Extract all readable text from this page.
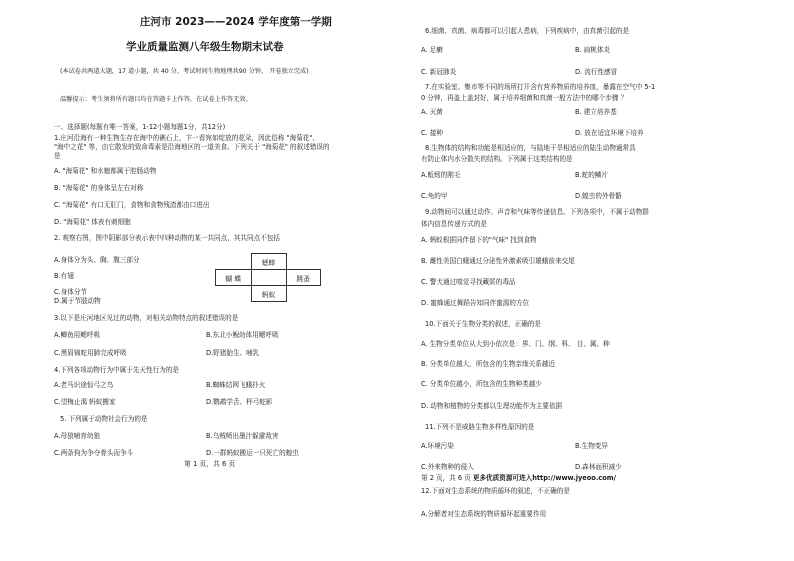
庄河市 2023——2024 学年度第一学期
学业质量监测八年级生物期末试卷
(本试卷共两道大题，17 道小题，共 40 分，考试时间生物地理共90 分钟， 开卷独立完成)
温馨提示：考生须将所有题目均在答题卡上作答，在试卷上作答无效。
一、选择题(每题有唯一答案，1-12小题每题1分，共12分)
1.庄河沿海有一种生物生存在海中的礁石上，卞一看宛如绽放的花朵，因此俗称 "海菊花"、
"海中之花" 等，由它散发的致命毒素是沿海地区的一道美食。下列关于 "海菊花" 的叙述错误的
是
A. "海菊花" 和水螅都属于腔肠动物
B. "海菊花" 的身体呈左右对称
C. "海菊花" 有口无肛门，食物和食物残渣都由口进出
D. "海菊花" 体表有刺细胞
2. 观察右图，图中阴影部分表示表中四种动物的某一共同点，其共同点不包括
A.身体分为头、胸、腹三部分
B.有翅
C.身体分节
D.属于节肢动物
	蟋蟀	
蝴 蝶		跳蚤
	蚂蚁	
3.以下是庄河地区见过的动物，对相关动物特点的叙述错误的是
A.鲫鱼用鳃呼吸	B.东北小鲵幼体用鳃呼吸
C.黑眉锦蛇用肺完成呼吸	D.野猪胎生、哺乳
4.下列各项动物行为中属于先天性行为的是
A.老马识途惊弓之鸟	B.蜘蛛结网飞蛾扑火
C.望梅止渴 蚂蚁搬家	D.鹦鹉学舌、杯弓蛇影
5. 下列属于动物社会行为的是
A.母狼哺育幼狼	B.乌贼喷出墨汁躲避敌害
C.两条狗为争夺骨头而争斗	D.一群蚂蚁搬运一只死亡的蝗虫
第 1 页，共 6 页
6.细菌、真菌、病毒都可以引起人患病，下列疾病中，由真菌引起的是
A. 足癣	B. 扁桃体炎
C. 新冠肺炎	D. 流行性感冒
7.在实验室、集市等不同的场所打开含有营养物质的培养皿，暴露在空气中 5-1
0 分钟，再盖上盖封好，属于培养细菌和真菌一般方法中的哪个步骤 ？
A. 灭菌	B. 建立培养基
C. 接种	D. 放在适宜环境下培养
8.生物体的结构和功能是相适应的，与陆地干旱相适应的陆生动物通常具
有防止体内水分散失的结构。下列属于这类结构的是
A.蚯蚓的刚毛	B.蛇的鳞片
C.龟的甲	D.蝗虫的外骨骼
9.动物间可以通过动作、声音和气味等传递信息。下列各项中，不属于动物群
体内信息传递方式的是
A. 蚂蚁根据同伴留下的"气味" 找到食物
B. 雌性美国白蛾通过分泌性外激素吸引雄蛾前来交尾
C. 警犬通过嗅觉寻找藏匿的毒品
D. 蜜蜂通过舞蹈告知同伴蜜源的方位
10.下面关于生物分类的叙述，正确的是
A. 生物分类单位从大到小依次是：界、门、纲、科、 目、属、种
B. 分类单位越大，所包含的生物亲缘关系越近
C. 分类单位越小，所包含的生物种类越少
D. 动物和植物的分类都以生理功能作为主要依据
11.下列不是威胁生物多样性原因的是
A.环境污染	B.生物变异
C.外来物种的侵入	D.森林面积减少
第 2 页，共 6 页 更多优质资源可进入http://www.jyeoo.com/
12.下面对生态系统的物质循环的叙述，不正确的是
A.分解者对生态系统的物质循环起重要作用
